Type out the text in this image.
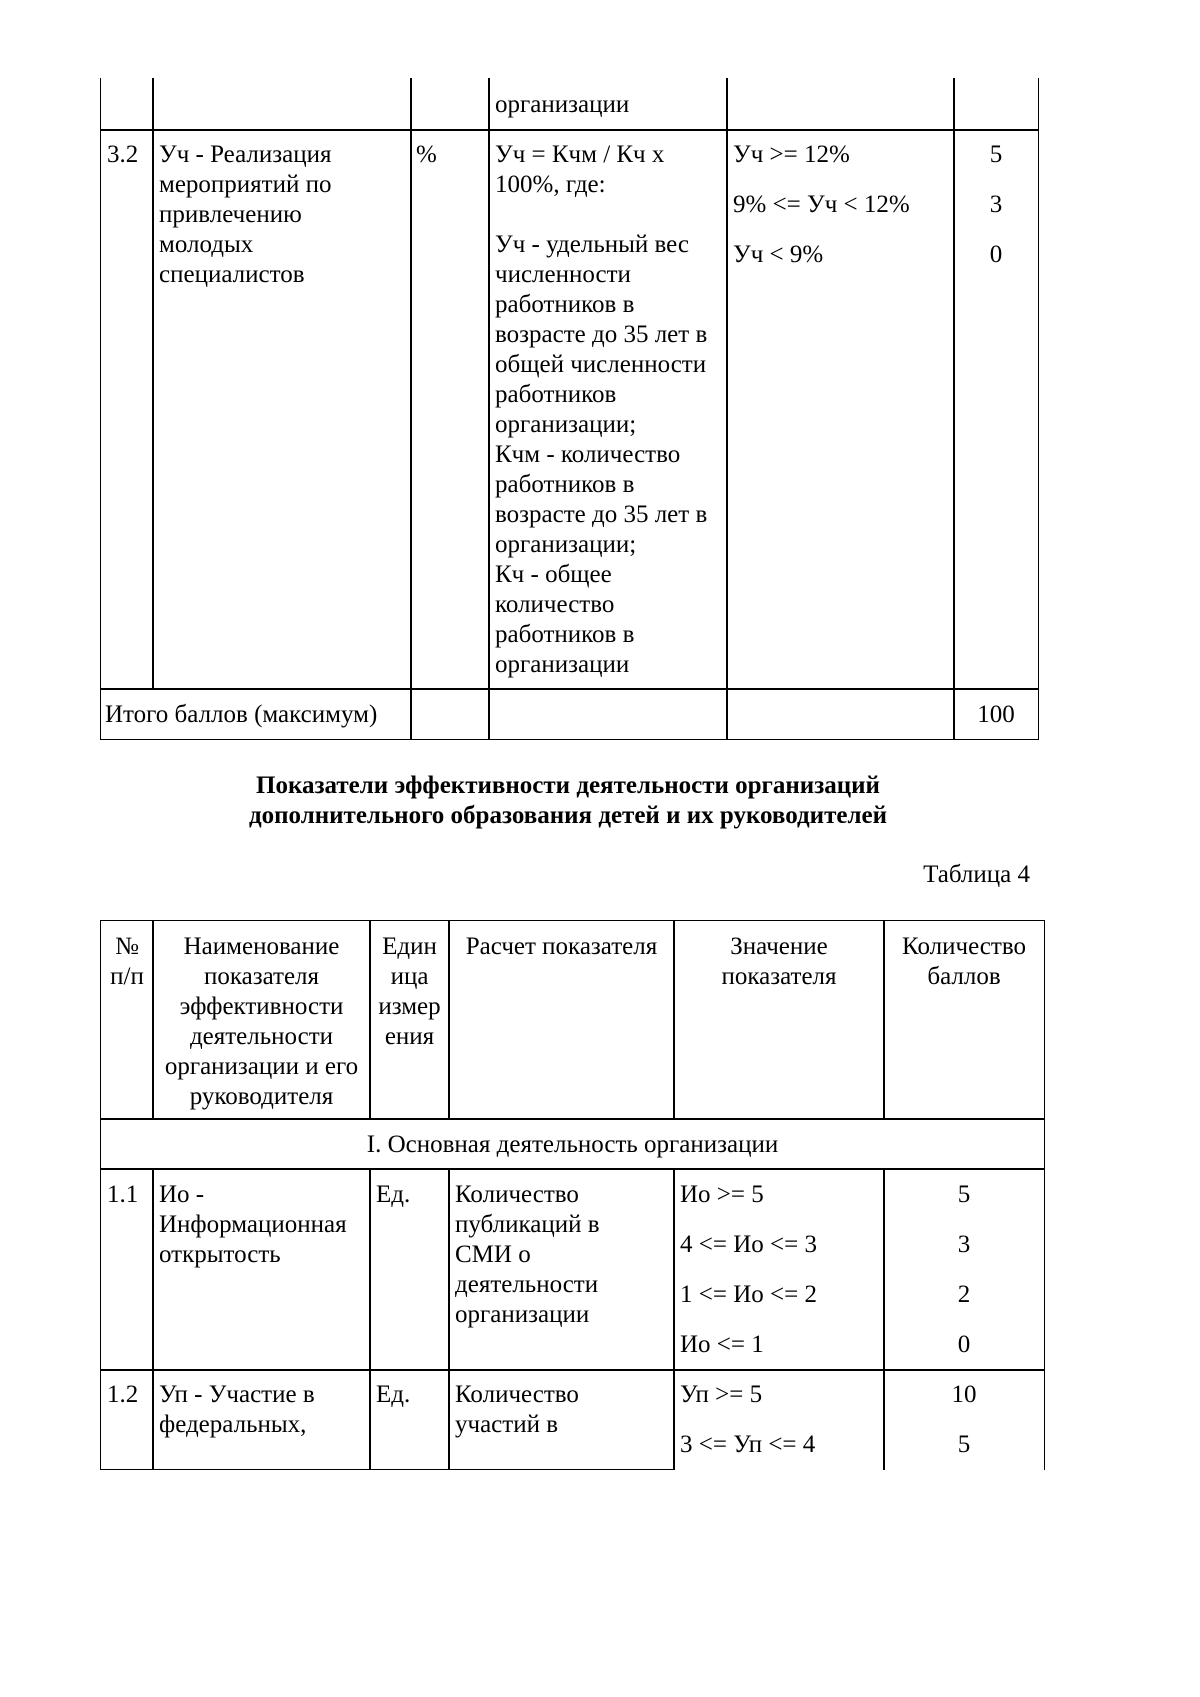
организации
3.2 Уч - Реализация
мероприятий по
привлечению
молодых
специалистов
% Уч = Кчм / Кч x
100%, где:
Уч - удельный вес
численности
работников в
возрасте до 35 лет в
общей численности
работников
организации;
Кчм - количество
работников в
возрасте до 35 лет в
организации;
Кч - общее
количество
работников в
организации
Уч >= 12%
9% <= Уч < 12%
Уч < 9%
5
3
0
Итого баллов (максимум)	100
Показатели эффективности деятельности организаций
дополнительного образования детей и их руководителей
Таблица 4
№
п/п
Наименование
показателя
эффективности
деятельности
организации и его
руководителя
Един
ица
измер
ения
Расчет показателя	Значение
показателя
Количество
баллов
I. Основная деятельность организации
1.1 Ио -
Информационная
открытость
Ед. Количество
публикаций в
СМИ о
деятельности
организации
Ио >= 5
4 <= Ио <= 3
1 <= Ио <= 2
Ио <= 1
5
3
2
0
1.2 Уп - Участие в
федеральных,
Ед. Количество
участий в
Уп >= 5
3 <= Уп <= 4
10
5
